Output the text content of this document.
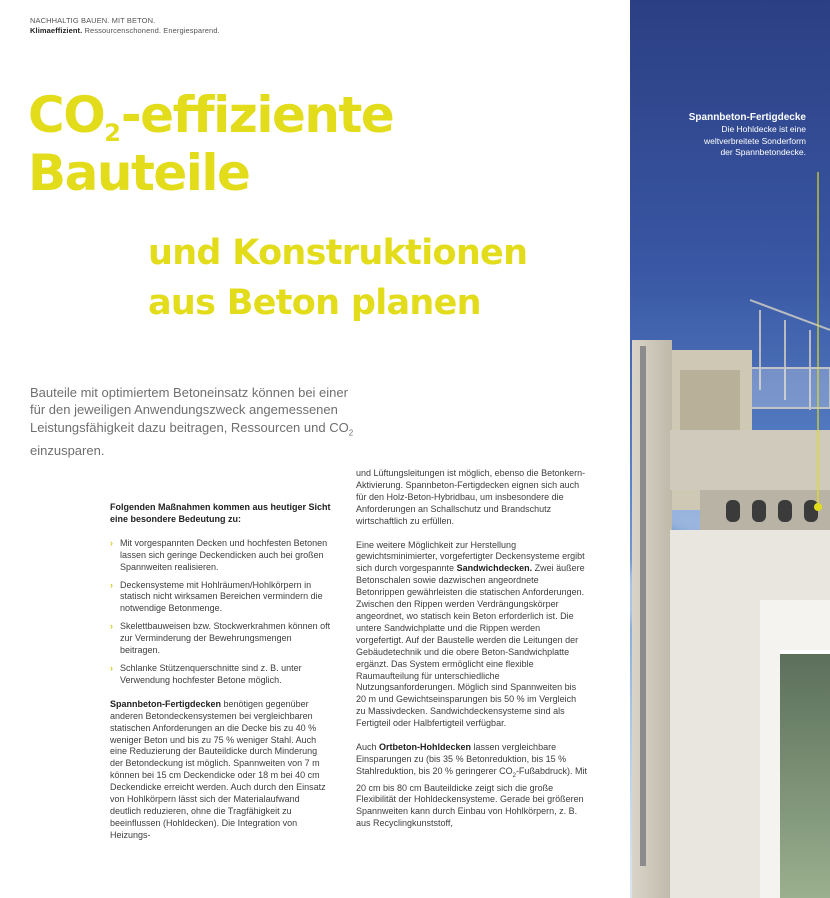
NACHHALTIG BAUEN. MIT BETON.
Klimaeffizient. Ressourcenschonend. Energiesparend.
$CO_2$-effiziente
Bauteile
und Konstruktionen
aus Beton planen
Bauteile mit optimiertem Betoneinsatz können bei einer für den jeweiligen Anwendungszweck angemessenen Leistungsfähigkeit dazu beitragen, Ressourcen und $CO_2$ einzusparen.
Folgenden Maßnahmen kommen aus heutiger Sicht eine besondere Bedeutung zu:
› Mit vorgespannten Decken und hochfesten Betonen lassen sich geringe Deckendicken auch bei großen Spannweiten realisieren.
› Deckensysteme mit Hohlräumen/Hohlkörpern in statisch nicht wirksamen Bereichen vermindern die notwendige Betonmenge.
› Skelettbauweisen bzw. Stockwerkrahmen können oft zur Verminderung der Bewehrungsmengen beitragen.
› Schlanke Stützenquerschnitte sind z. B. unter Verwendung hochfester Betone möglich.

Spannbeton-Fertigdecken benötigen gegenüber anderen Betondeckensystemen bei vergleichbaren statischen Anforderungen an die Decke bis zu 40 % weniger Beton und bis zu 75 % weniger Stahl. Auch eine Reduzierung der Bauteildicke durch Minderung der Betondeckung ist möglich. Spannweiten von 7 m können bei 15 cm Deckendicke oder 18 m bei 40 cm Deckendicke erreicht werden. Auch durch den Einsatz von Hohlkörpern lässt sich der Materialaufwand deutlich reduzieren, ohne die Tragfähigkeit zu beeinflussen (Hohldecken). Die Integration von Heizungs-

und Lüftungsleitungen ist möglich, ebenso die Betonkern-Aktivierung. Spannbeton-Fertigdecken eignen sich auch für den Holz-Beton-Hybridbau, um insbesondere die Anforderungen an Schallschutz und Brandschutz wirtschaftlich zu erfüllen.

Eine weitere Möglichkeit zur Herstellung gewichtsminimierter, vorgefertigter Deckensysteme ergibt sich durch vorgespannte Sandwichdecken. Zwei äußere Betonschalen sowie dazwischen angeordnete Betonrippen gewährleisten die statischen Anforderungen. Zwischen den Rippen werden Verdrängungskörper angeordnet, wo statisch kein Beton erforderlich ist. Die untere Sandwichplatte und die Rippen werden vorgefertigt. Auf der Baustelle werden die Leitungen der Gebäudetechnik und die obere Beton-Sandwichplatte ergänzt. Das System ermöglicht eine flexible Raumaufteilung für unterschiedliche Nutzungsanforderungen. Möglich sind Spannweiten bis 20 m und Gewichtseinsparungen bis 50 % im Vergleich zu Massivdecken. Sandwichdeckensysteme sind als Fertigteil oder Halbfertigteil verfügbar.

Auch Ortbeton-Hohldecken lassen vergleichbare Einsparungen zu (bis 35 % Betonreduktion, bis 15 % Stahlreduktion, bis 20 % geringerer $CO_2-Fußabdruck$). Mit 20 cm bis 80 cm Bauteildicke zeigt sich die große Flexibilität der Hohldeckensysteme. Gerade bei größeren Spannweiten kann durch Einbau von Hohlkörpern, z. B. aus Recyclingkunststoff,

Spannbeton-Fertigdecke
Die Hohldecke ist eine weltverbreitete Sonderform der Spannbetondecke.
